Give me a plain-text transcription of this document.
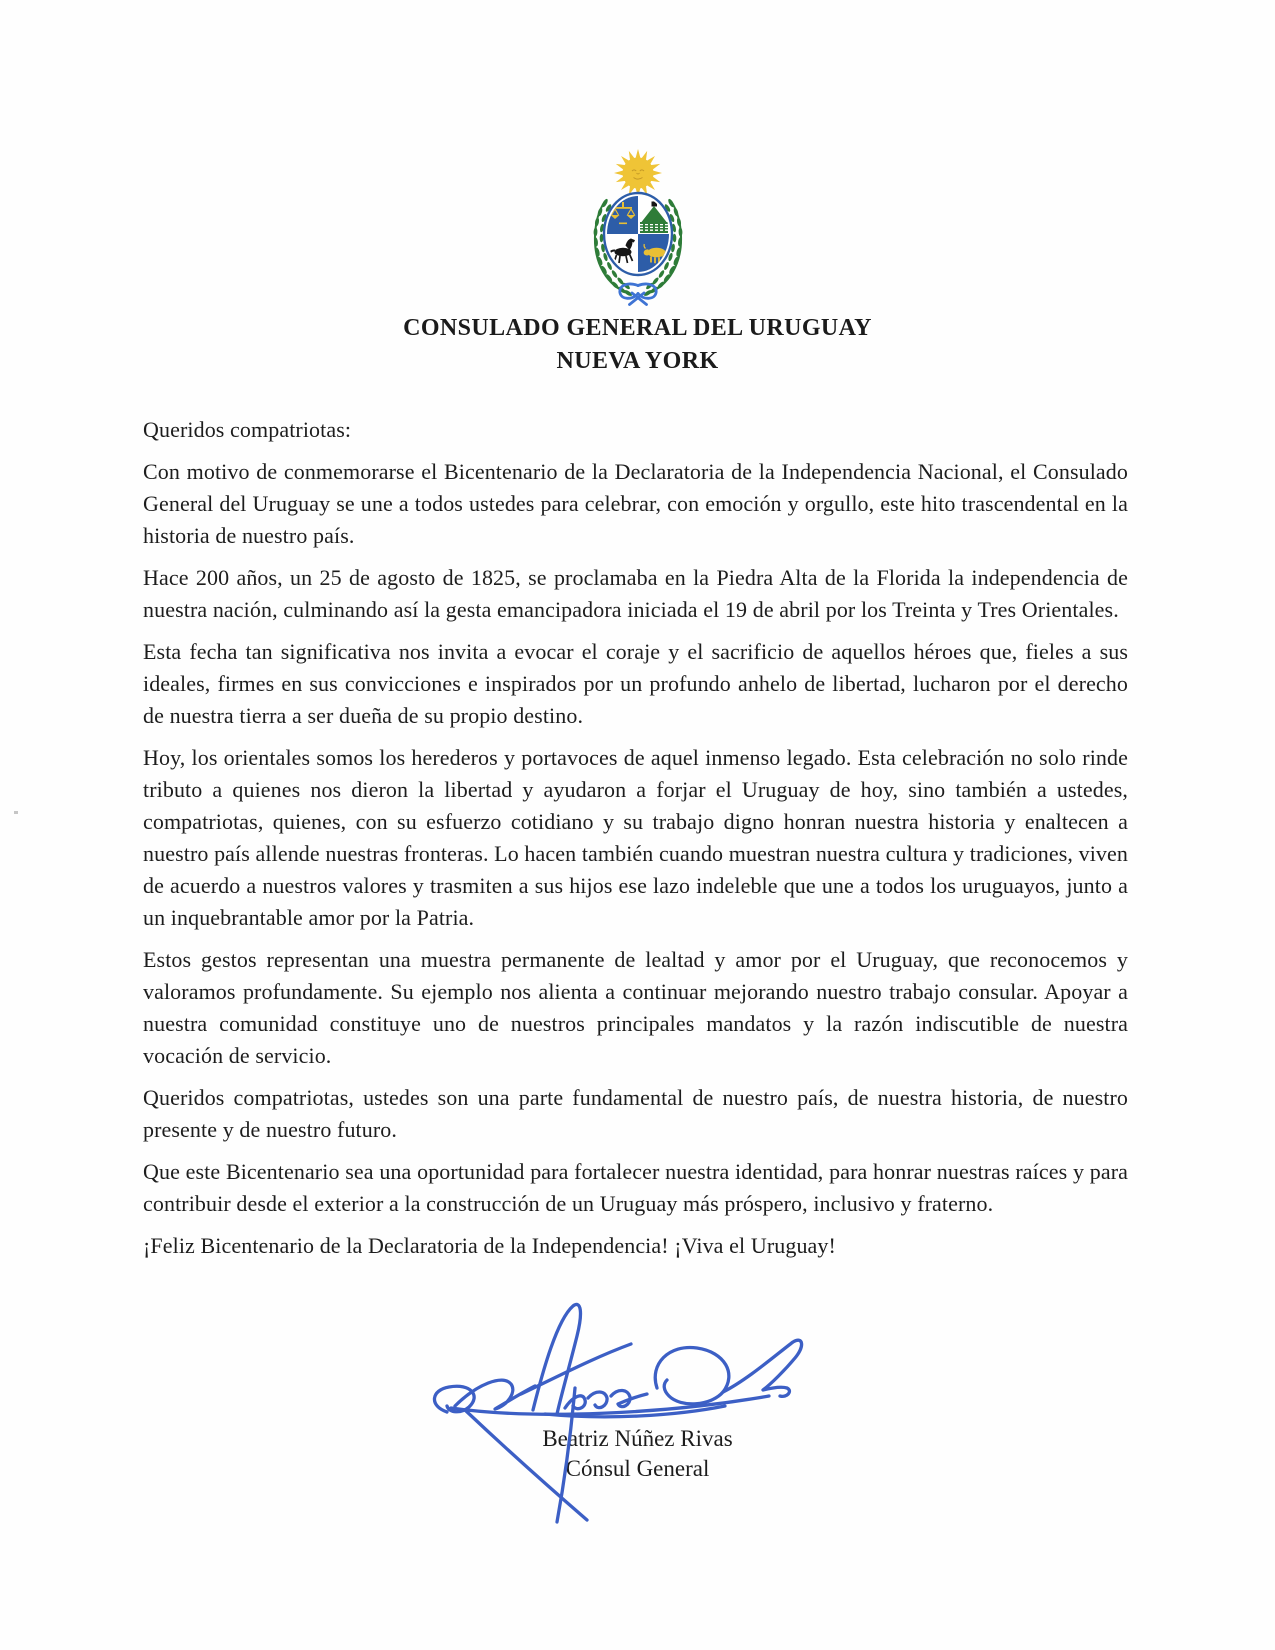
CONSULADO GENERAL DEL URUGUAY
NUEVA YORK

Queridos compatriotas:

Con motivo de conmemorarse el Bicentenario de la Declaratoria de la Independencia Nacional, el Consulado General del Uruguay se une a todos ustedes para celebrar, con emoción y orgullo, este hito trascendental en la historia de nuestro país.

Hace 200 años, un 25 de agosto de 1825, se proclamaba en la Piedra Alta de la Florida la independencia de nuestra nación, culminando así la gesta emancipadora iniciada el 19 de abril por los Treinta y Tres Orientales.

Esta fecha tan significativa nos invita a evocar el coraje y el sacrificio de aquellos héroes que, fieles a sus ideales, firmes en sus convicciones e inspirados por un profundo anhelo de libertad, lucharon por el derecho de nuestra tierra a ser dueña de su propio destino.

Hoy, los orientales somos los herederos y portavoces de aquel inmenso legado. Esta celebración no solo rinde tributo a quienes nos dieron la libertad y ayudaron a forjar el Uruguay de hoy, sino también a ustedes, compatriotas, quienes, con su esfuerzo cotidiano y su trabajo digno honran nuestra historia y enaltecen a nuestro país allende nuestras fronteras. Lo hacen también cuando muestran nuestra cultura y tradiciones, viven de acuerdo a nuestros valores y trasmiten a sus hijos ese lazo indeleble que une a todos los uruguayos, junto a un inquebrantable amor por la Patria.

Estos gestos representan una muestra permanente de lealtad y amor por el Uruguay, que reconocemos y valoramos profundamente. Su ejemplo nos alienta a continuar mejorando nuestro trabajo consular. Apoyar a nuestra comunidad constituye uno de nuestros principales mandatos y la razón indiscutible de nuestra vocación de servicio.

Queridos compatriotas, ustedes son una parte fundamental de nuestro país, de nuestra historia, de nuestro presente y de nuestro futuro.

Que este Bicentenario sea una oportunidad para fortalecer nuestra identidad, para honrar nuestras raíces y para contribuir desde el exterior a la construcción de un Uruguay más próspero, inclusivo y fraterno.

¡Feliz Bicentenario de la Declaratoria de la Independencia! ¡Viva el Uruguay!

Beatriz Núñez Rivas
Cónsul General
